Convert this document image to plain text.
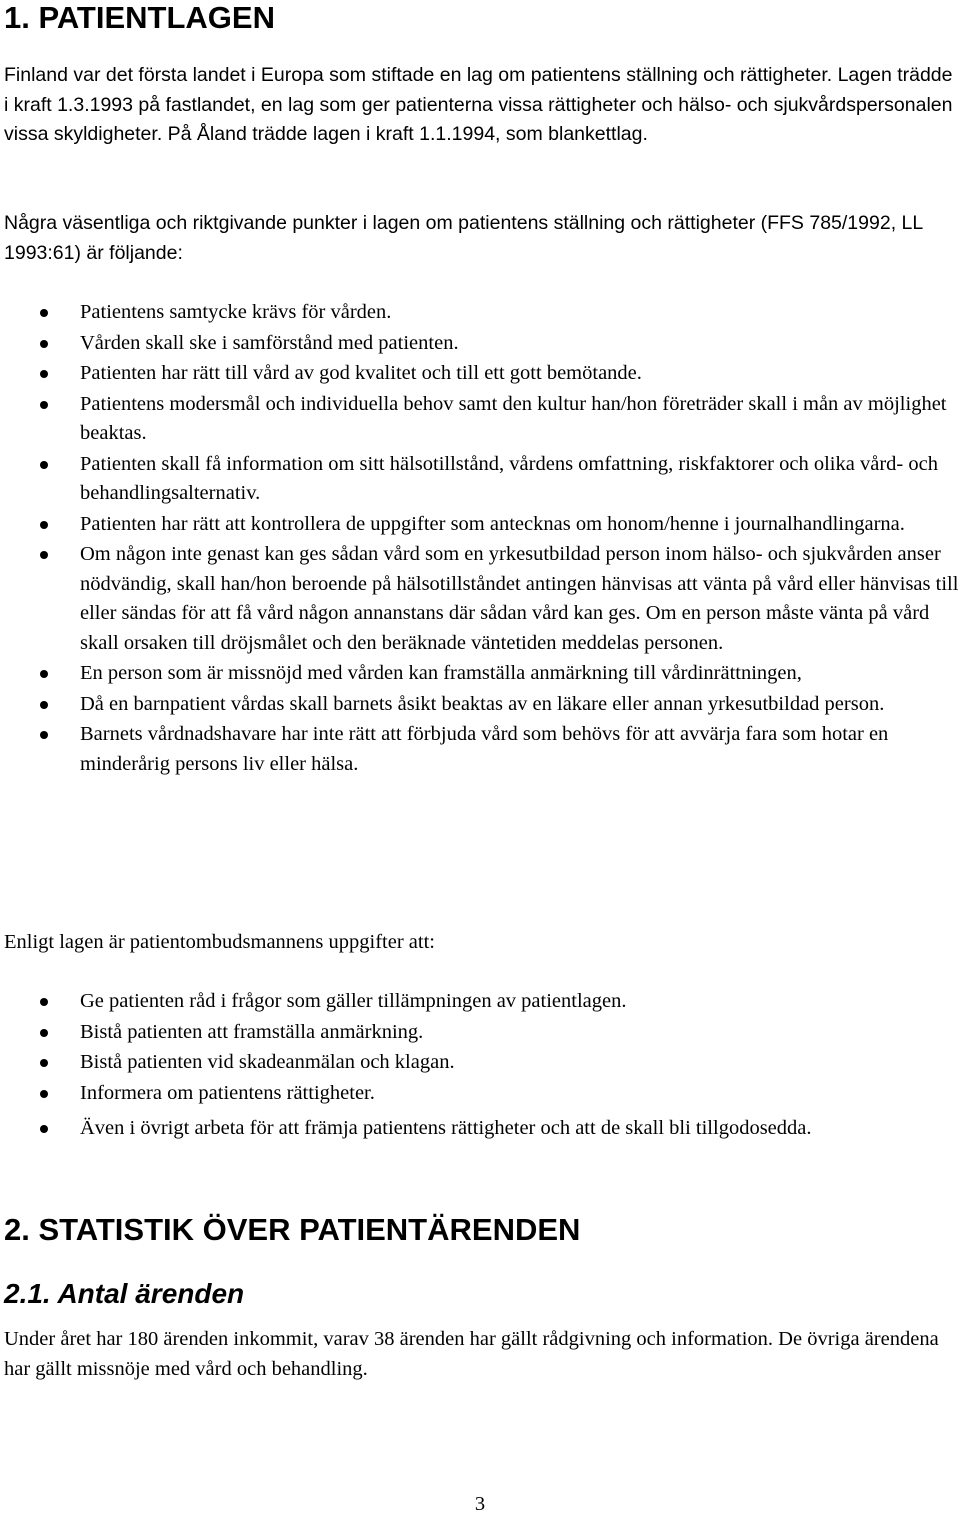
1. PATIENTLAGEN

Finland var det första landet i Europa som stiftade en lag om patientens ställning och rättigheter. Lagen trädde i kraft 1.3.1993 på fastlandet, en lag som ger patienterna vissa rättigheter och hälso- och sjukvårdspersonalen vissa skyldigheter. På Åland trädde lagen i kraft 1.1.1994, som blankettlag.

Några väsentliga och riktgivande punkter i lagen om patientens ställning och rättigheter (FFS 785/1992, LL 1993:61) är följande:

Patientens samtycke krävs för vården.
Vården skall ske i samförstånd med patienten.
Patienten har rätt till vård av god kvalitet och till ett gott bemötande.
Patientens modersmål och individuella behov samt den kultur han/hon företräder skall i mån av möjlighet beaktas.
Patienten skall få information om sitt hälsotillstånd, vårdens omfattning, riskfaktorer och olika vård- och behandlingsalternativ.
Patienten har rätt att kontrollera de uppgifter som antecknas om honom/henne i journalhandlingarna.
Om någon inte genast kan ges sådan vård som en yrkesutbildad person inom hälso- och sjukvården anser nödvändig, skall han/hon beroende på hälsotillståndet antingen hänvisas att vänta på vård eller hänvisas till eller sändas för att få vård någon annanstans där sådan vård kan ges. Om en person måste vänta på vård skall orsaken till dröjsmålet och den beräknade väntetiden meddelas personen.
En person som är missnöjd med vården kan framställa anmärkning till vårdinrättningen,
Då en barnpatient vårdas skall barnets åsikt beaktas av en läkare eller annan yrkesutbildad person.
Barnets vårdnadshavare har inte rätt att förbjuda vård som behövs för att avvärja fara som hotar en minderårig persons liv eller hälsa.

Enligt lagen är patientombudsmannens uppgifter att:

Ge patienten råd i frågor som gäller tillämpningen av patientlagen.
Bistå patienten att framställa anmärkning.
Bistå patienten vid skadeanmälan och klagan.
Informera om patientens rättigheter.
Även i övrigt arbeta för att främja patientens rättigheter och att de skall bli tillgodosedda.
2. STATISTIK ÖVER PATIENTÄRENDEN
2.1. Antal ärenden

Under året har 180 ärenden inkommit, varav 38 ärenden har gällt rådgivning och information. De övriga ärendena har gällt missnöje med vård och behandling.

3
